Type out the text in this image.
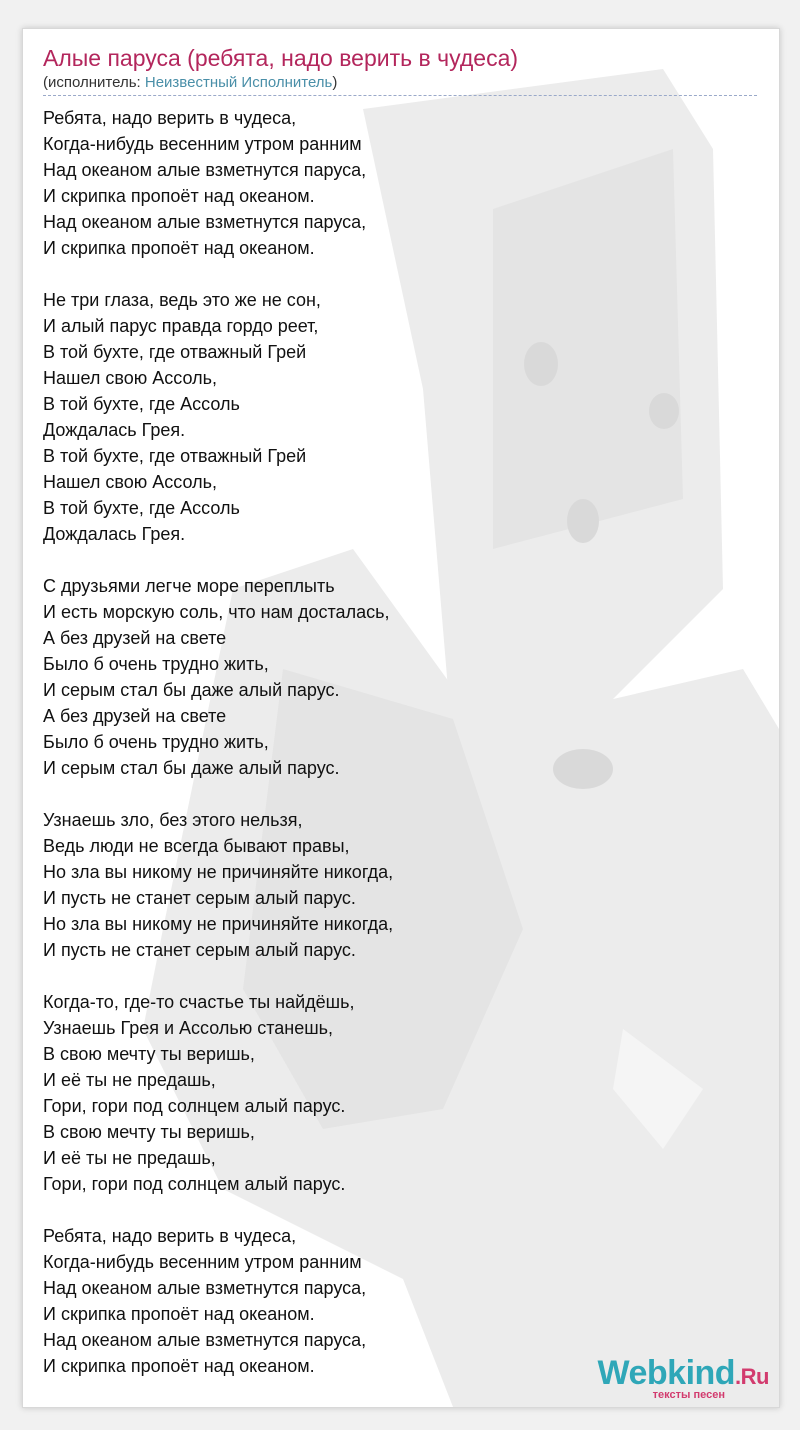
Алые паруса (ребята, надо верить в чудеса)
(исполнитель: Неизвестный Исполнитель)
Ребята, надо верить в чудеса,
Когда-нибудь весенним утром ранним
Над океаном алые взметнутся паруса,
И скрипка пропоёт над океаном.
Над океаном алые взметнутся паруса,
И скрипка пропоёт над океаном.
Не три глаза, ведь это же не сон,
И алый парус правда гордо реет,
В той бухте, где отважный Грей
Нашел свою Ассоль,
В той бухте, где Ассоль
Дождалась Грея.
В той бухте, где отважный Грей
Нашел свою Ассоль,
В той бухте, где Ассоль
Дождалась Грея.
С друзьями легче море переплыть
И есть морскую соль, что нам досталась,
А без друзей на свете
Было б очень трудно жить,
И серым стал бы даже алый парус.
А без друзей на свете
Было б очень трудно жить,
И серым стал бы даже алый парус.
Узнаешь зло, без этого нельзя,
Ведь люди не всегда бывают правы,
Но зла вы никому не причиняйте никогда,
И пусть не станет серым алый парус.
Но зла вы никому не причиняйте никогда,
И пусть не станет серым алый парус.
Когда-то, где-то счастье ты найдёшь,
Узнаешь Грея и Ассолью станешь,
В свою мечту ты веришь,
И её ты не предашь,
Гори, гори под солнцем алый парус.
В свою мечту ты веришь,
И её ты не предашь,
Гори, гори под солнцем алый парус.
Ребята, надо верить в чудеса,
Когда-нибудь весенним утром ранним
Над океаном алые взметнутся паруса,
И скрипка пропоёт над океаном.
Над океаном алые взметнутся паруса,
И скрипка пропоёт над океаном.	Webkind.Ru
тексты песен
